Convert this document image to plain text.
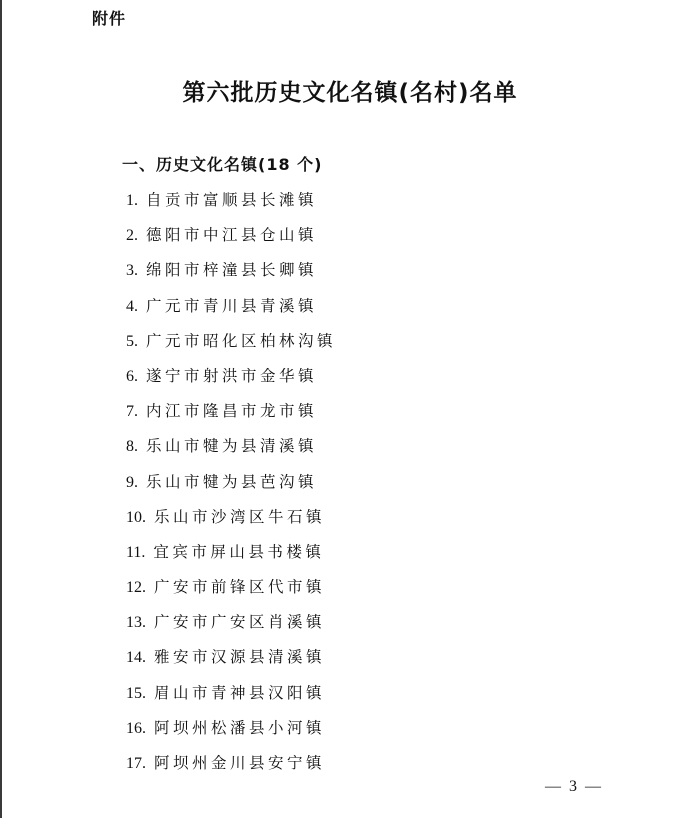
附件
第六批历史文化名镇(名村)名单
一、历史文化名镇(18 个)
1. 自贡市富顺县长滩镇
2. 德阳市中江县仓山镇
3. 绵阳市梓潼县长卿镇
4. 广元市青川县青溪镇
5. 广元市昭化区柏林沟镇
6. 遂宁市射洪市金华镇
7. 内江市隆昌市龙市镇
8. 乐山市犍为县清溪镇
9. 乐山市犍为县芭沟镇
10. 乐山市沙湾区牛石镇
11. 宜宾市屏山县书楼镇
12. 广安市前锋区代市镇
13. 广安市广安区肖溪镇
14. 雅安市汉源县清溪镇
15. 眉山市青神县汉阳镇
16. 阿坝州松潘县小河镇
17. 阿坝州金川县安宁镇
— 3 —
